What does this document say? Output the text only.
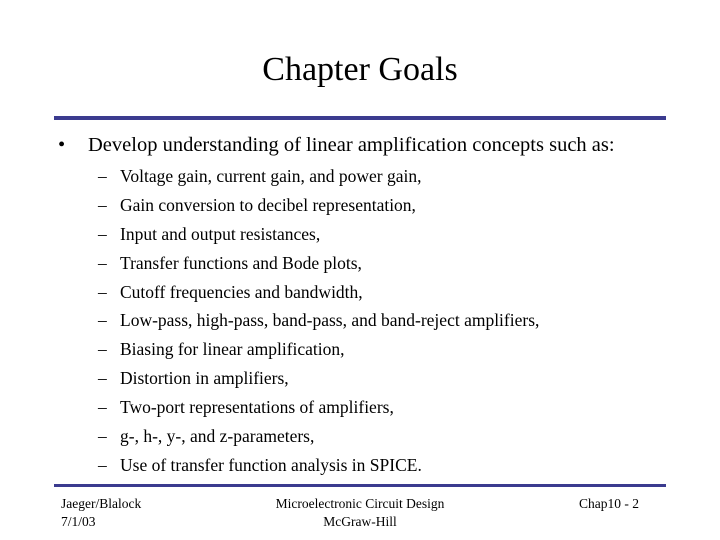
Chapter Goals
• Develop understanding of linear amplification concepts such as:
– Voltage gain, current gain, and power gain,
– Gain conversion to decibel representation,
– Input and output resistances,
– Transfer functions and Bode plots,
– Cutoff frequencies and bandwidth,
– Low-pass, high-pass, band-pass, and band-reject amplifiers,
– Biasing for linear amplification,
– Distortion in amplifiers,
– Two-port representations of amplifiers,
– g-, h-, y-, and z-parameters,
– Use of transfer function analysis in SPICE.
Jaeger/Blalock
7/1/03
Microelectronic Circuit Design
McGraw-Hill
Chap10 - 2
